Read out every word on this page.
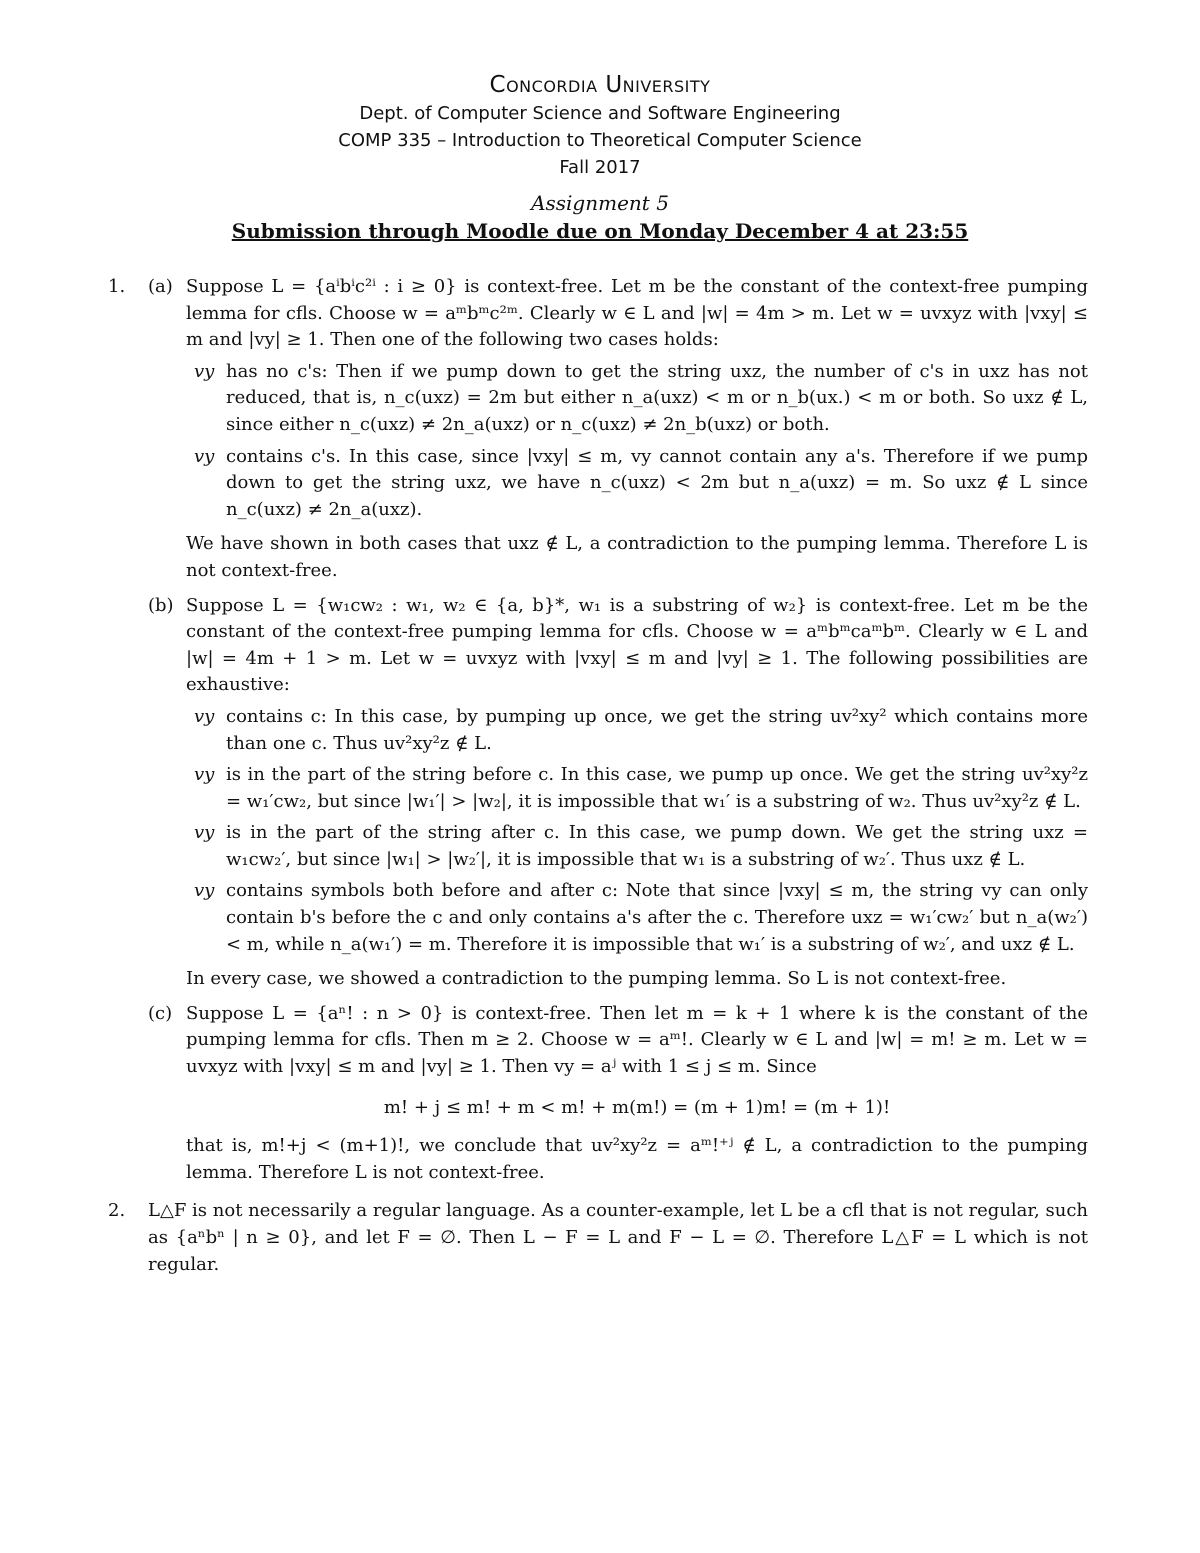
Concordia University
Dept. of Computer Science and Software Engineering
COMP 335 – Introduction to Theoretical Computer Science
Fall 2017
Assignment 5
Submission through Moodle due on Monday December 4 at 23:55
1. (a) Suppose L = {aⁱbⁱc²ⁱ : i ≥ 0} is context-free. Let m be the constant of the context-free pumping lemma for cfls. Choose w = aᵐbᵐc²ᵐ. Clearly w ∈ L and |w| = 4m > m. Let w = uvxyz with |vxy| ≤ m and |vy| ≥ 1. Then one of the following two cases holds:
vy has no c's: Then if we pump down to get the string uxz, the number of c's in uxz has not reduced, that is, n_c(uxz) = 2m but either n_a(uxz) < m or n_b(ux.) < m or both. So uxz ∉ L, since either n_c(uxz) ≠ 2n_a(uxz) or n_c(uxz) ≠ 2n_b(uxz) or both.
vy contains c's. In this case, since |vxy| ≤ m, vy cannot contain any a's. Therefore if we pump down to get the string uxz, we have n_c(uxz) < 2m but n_a(uxz) = m. So uxz ∉ L since n_c(uxz) ≠ 2n_a(uxz).
We have shown in both cases that uxz ∉ L, a contradiction to the pumping lemma. Therefore L is not context-free.
(b) Suppose L = {w₁cw₂ : w₁, w₂ ∈ {a, b}*, w₁ is a substring of w₂} is context-free. Let m be the constant of the context-free pumping lemma for cfls. Choose w = aᵐbᵐcaᵐbᵐ. Clearly w ∈ L and |w| = 4m + 1 > m. Let w = uvxyz with |vxy| ≤ m and |vy| ≥ 1. The following possibilities are exhaustive:
vy contains c: In this case, by pumping up once, we get the string uv²xy² which contains more than one c. Thus uv²xy²z ∉ L.
vy is in the part of the string before c. In this case, we pump up once. We get the string uv²xy²z = w₁′cw₂, but since |w₁′| > |w₂|, it is impossible that w₁′ is a substring of w₂. Thus uv²xy²z ∉ L.
vy is in the part of the string after c. In this case, we pump down. We get the string uxz = w₁cw₂′, but since |w₁| > |w₂′|, it is impossible that w₁ is a substring of w₂′. Thus uxz ∉ L.
vy contains symbols both before and after c: Note that since |vxy| ≤ m, the string vy can only contain b's before the c and only contains a's after the c. Therefore uxz = w₁′cw₂′ but n_a(w₂′) < m, while n_a(w₁′) = m. Therefore it is impossible that w₁′ is a substring of w₂′, and uxz ∉ L.
In every case, we showed a contradiction to the pumping lemma. So L is not context-free.
(c) Suppose L = {aⁿ! : n > 0} is context-free. Then let m = k + 1 where k is the constant of the pumping lemma for cfls. Then m ≥ 2. Choose w = aᵐ!. Clearly w ∈ L and |w| = m! ≥ m. Let w = uvxyz with |vxy| ≤ m and |vy| ≥ 1. Then vy = aʲ with 1 ≤ j ≤ m. Since
m! + j ≤ m! + m < m! + m(m!) = (m + 1)m! = (m + 1)!
that is, m!+j < (m+1)!, we conclude that uv²xy²z = aᵐ!⁺ʲ ∉ L, a contradiction to the pumping lemma. Therefore L is not context-free.
2. L△F is not necessarily a regular language. As a counter-example, let L be a cfl that is not regular, such as {aⁿbⁿ | n ≥ 0}, and let F = ∅. Then L − F = L and F − L = ∅. Therefore L△F = L which is not regular.
